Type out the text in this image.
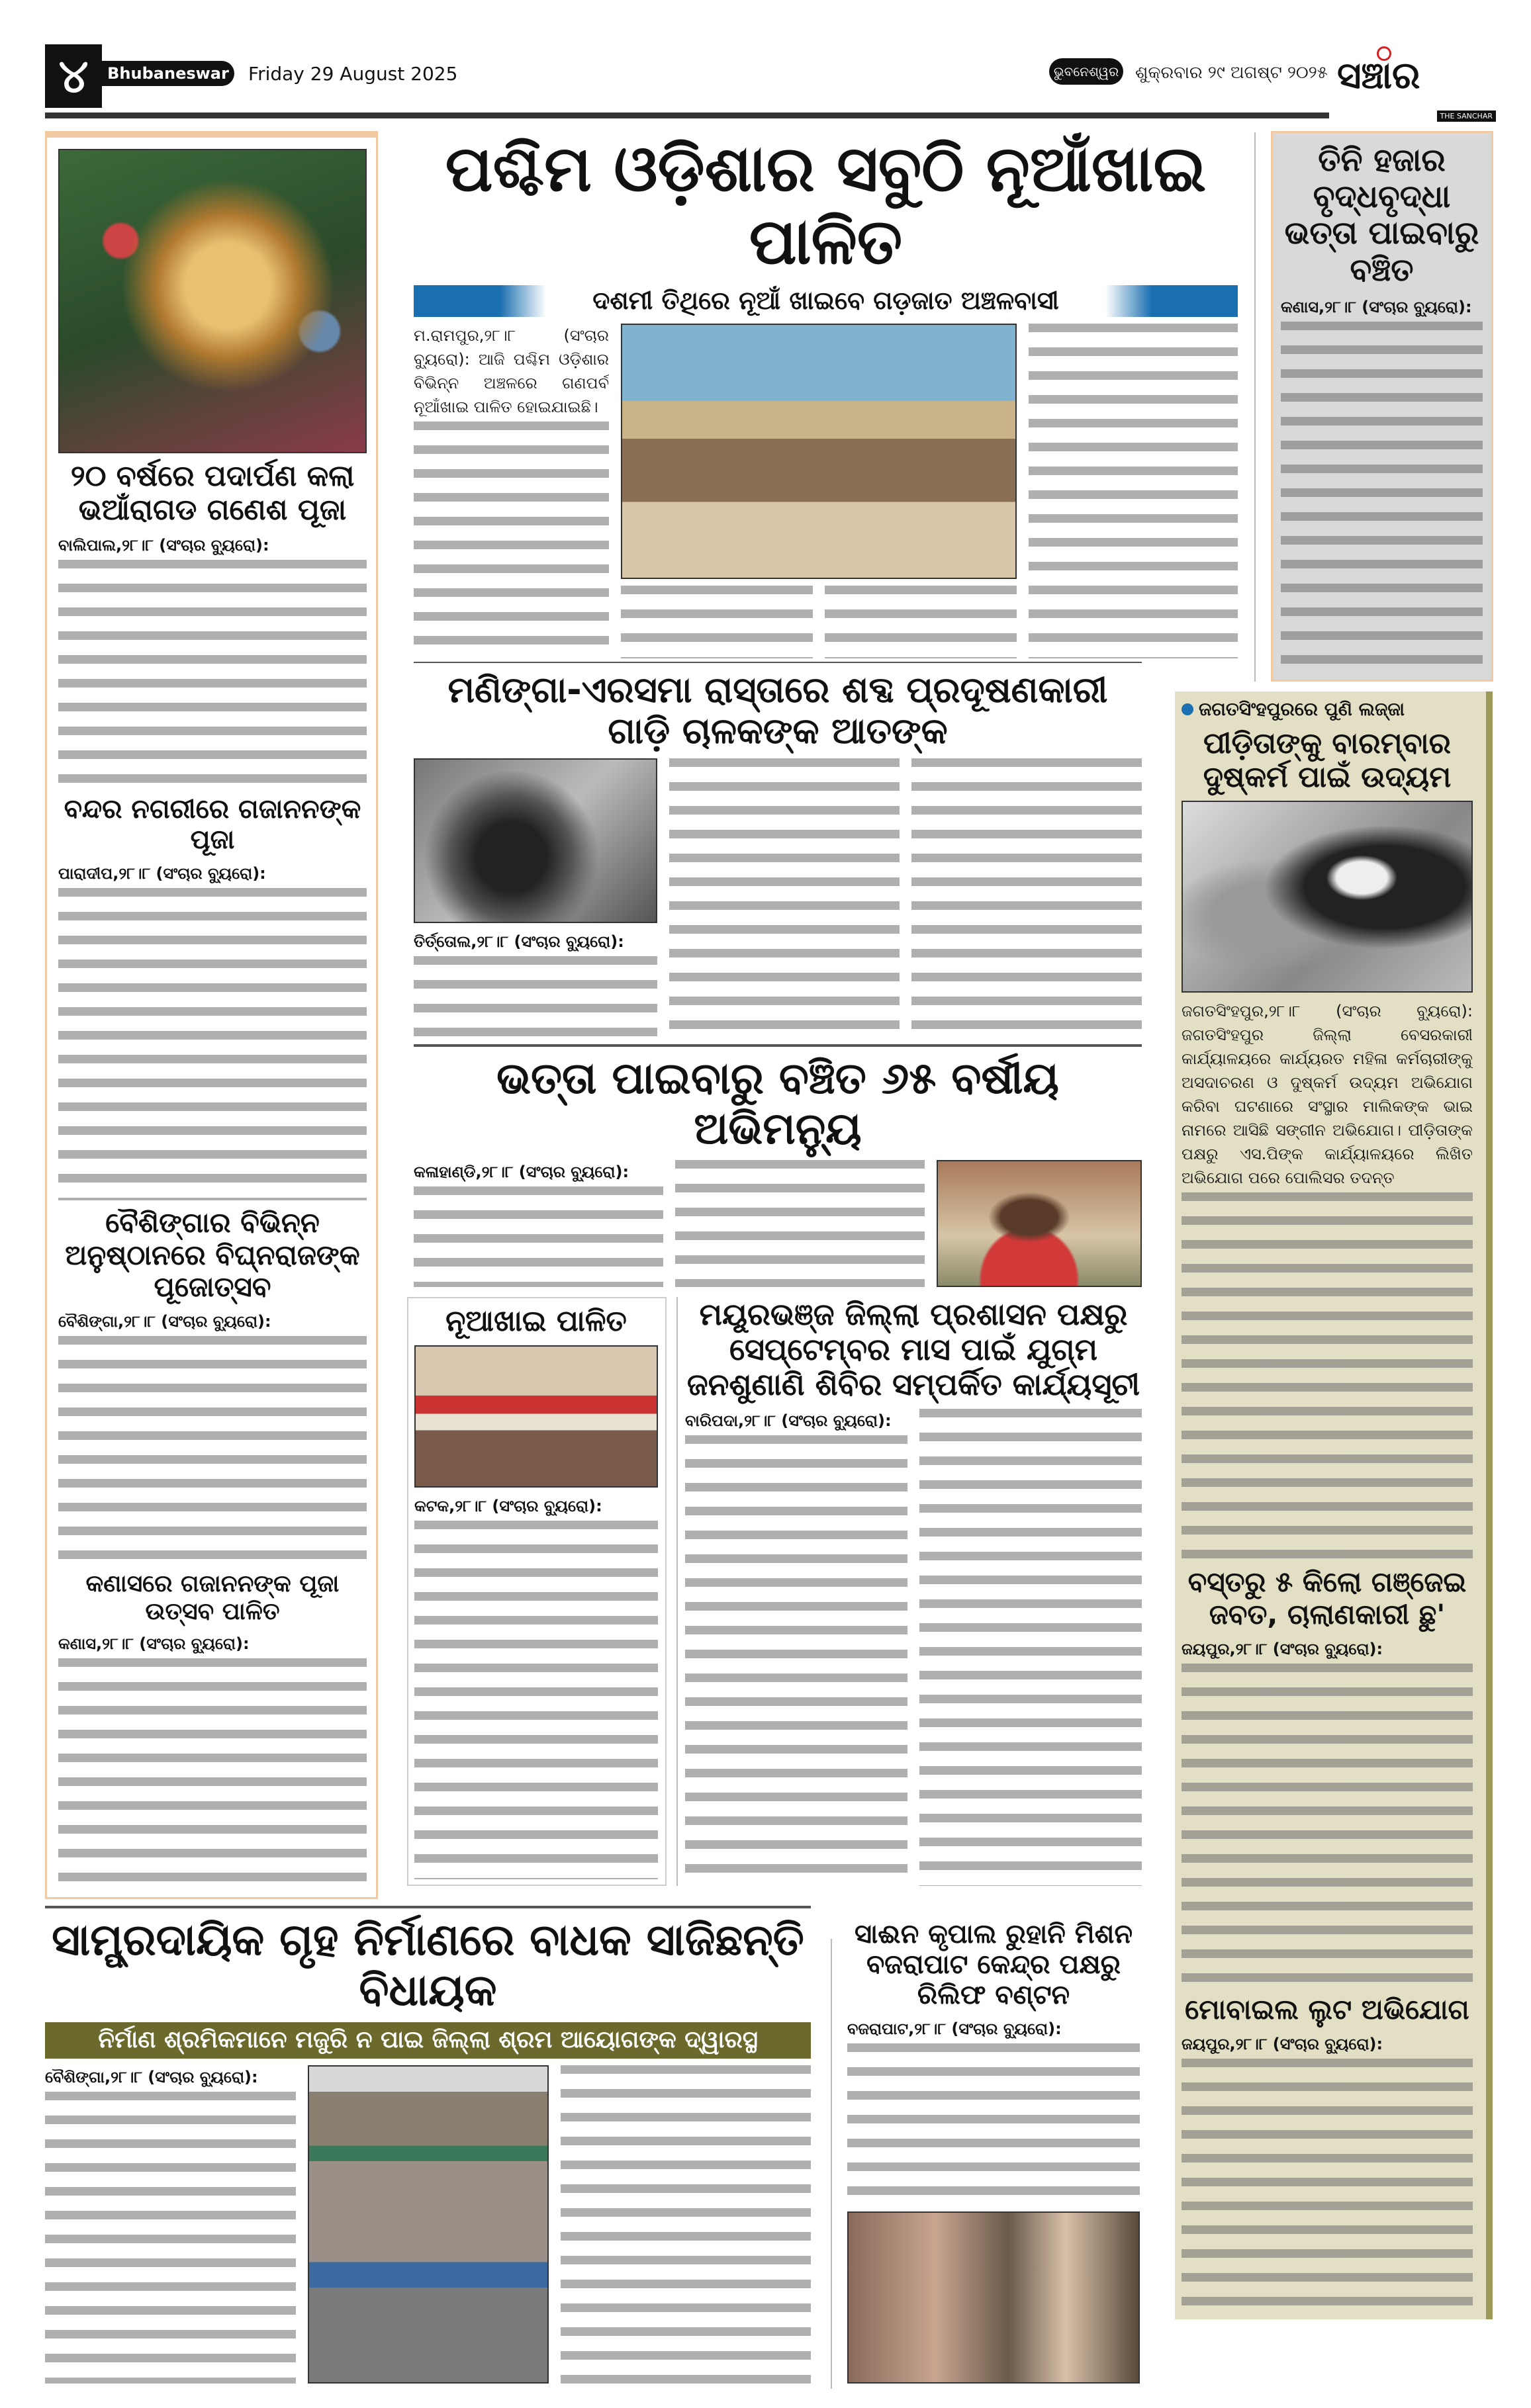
୪ Bhubaneswar Friday 29 August 2025	ଭୁବନେଶ୍ୱର ଶୁକ୍ରବାର ୨୯ ଅଗଷ୍ଟ ୨୦୨୫ ସଞ୍ଚାର
THE SANCHAR
୨୦ ବର୍ଷରେ ପଦାର୍ପଣ କଲା ଭଆଁରାଗଡ ଗଣେଶ ପୂଜା

ବାଲିପାଲ,୨୮।୮ (ସଂଚାର ବ୍ୟୁରୋ):

ବନ୍ଦର ନଗରୀରେ ଗଜାନନଙ୍କ ପୂଜା

ପାରାଦୀପ,୨୮।୮ (ସଂଚାର ବ୍ୟୁରୋ):

ବୈଶିଙ୍ଗାର ବିଭିନ୍ନ ଅନୁଷ୍ଠାନରେ ବିଘ୍ନରାଜଙ୍କ ପୂଜୋତ୍ସବ

ବୈଶିଙ୍ଗା,୨୮।୮ (ସଂଚାର ବ୍ୟୁରୋ):

କଣାସରେ ଗଜାନନଙ୍କ ପୂଜା ଉତ୍ସବ ପାଳିତ

କଣାସ,୨୮।୮ (ସଂଚାର ବ୍ୟୁରୋ):

ପଶ୍ଚିମ ଓଡ଼ିଶାର ସବୁଠି ନୂଆଁଖାଇ ପାଳିତ
ଦଶମୀ ତିଥିରେ ନୂଆଁ ଖାଇବେ ଗଡ଼ଜାତ ଅଞ୍ଚଳବାସୀ

ମ.ରାମପୁର,୨୮।୮ (ସଂଚାର ବ୍ୟୁରୋ): ଆଜି ପଶ୍ଚିମ ଓଡ଼ିଶାର ବିଭିନ୍ନ ଅଞ୍ଚଳରେ ଗଣପର୍ବ ନୂଆଁଖାଇ ପାଳିତ ହୋଇଯାଇଛି।

ତିନି ହଜାର ବୃଦ୍ଧବୃଦ୍ଧା ଭତ୍ତା ପାଇବାରୁ ବଞ୍ଚିତ

କଣାସ,୨୮।୮ (ସଂଚାର ବ୍ୟୁରୋ):

ମଣିଙ୍ଗା-ଏରସମା ରାସ୍ତାରେ ଶବ୍ଦ ପ୍ରଦୂଷଣକାରୀ ଗାଡ଼ି ଚାଳକଙ୍କ ଆତଙ୍କ

ତିର୍ତ୍ତୋଲ,୨୮।୮ (ସଂଚାର ବ୍ୟୁରୋ):

ଭତ୍ତା ପାଇବାରୁ ବଞ୍ଚିତ ୬୫ ବର୍ଷୀୟ ଅଭିମନ୍ୟୁ

କଳାହାଣ୍ଡି,୨୮।୮ (ସଂଚାର ବ୍ୟୁରୋ):

ନୂଆଖାଇ ପାଳିତ

କଟକ,୨୮।୮ (ସଂଚାର ବ୍ୟୁରୋ):

ମୟୂରଭଞ୍ଜ ଜିଲ୍ଲା ପ୍ରଶାସନ ପକ୍ଷରୁ ସେପ୍ଟେମ୍ବର ମାସ ପାଇଁ ଯୁଗ୍ମ ଜନଶୁଣାଣି ଶିବିର ସମ୍ପର୍କିତ କାର୍ଯ୍ୟସୂଚୀ

ବାରିପଦା,୨୮।୮ (ସଂଚାର ବ୍ୟୁରୋ):

ଜଗତସିଂହପୁରରେ ପୁଣି ଲଜ୍ଜା
ପୀଡ଼ିତାଙ୍କୁ ବାରମ୍ବାର ଦୁଷ୍କର୍ମ ପାଇଁ ଉଦ୍ୟମ

ଜଗତସିଂହପୁର,୨୮।୮ (ସଂଚାର ବ୍ୟୁରୋ): ଜଗତସିଂହପୁର ଜିଲ୍ଲା ବେସରକାରୀ କାର୍ଯ୍ୟାଳୟରେ କାର୍ଯ୍ୟରତ ମହିଳା କର୍ମଚାରୀଙ୍କୁ ଅସଦାଚରଣ ଓ ଦୁଷ୍କର୍ମ ଉଦ୍ୟମ ଅଭିଯୋଗ କରିବା ଘଟଣାରେ ସଂସ୍ଥାର ମାଲିକଙ୍କ ଭାଇ ନାମରେ ଆସିଛି ସଙ୍ଗୀନ ଅଭିଯୋଗ। ପୀଡ଼ିତାଙ୍କ ପକ୍ଷରୁ ଏସ.ପିଙ୍କ କାର୍ଯ୍ୟାଳୟରେ ଲିଖିତ ଅଭିଯୋଗ ପରେ ପୋଲିସର ତଦନ୍ତ

ବସ୍ତରୁ ୫ କିଲୋ ଗଞ୍ଜେଇ ଜବତ, ଚାଲାଣକାରୀ ଛୁ'

ଜୟପୁର,୨୮।୮ (ସଂଚାର ବ୍ୟୁରୋ):

ମୋବାଇଲ ଲୁଟ ଅଭିଯୋଗ

ଜୟପୁର,୨୮।୮ (ସଂଚାର ବ୍ୟୁରୋ):

ସାମ୍ପ୍ରଦାୟିକ ଗୃହ ନିର୍ମାଣରେ ବାଧକ ସାଜିଛନ୍ତି ବିଧାୟକ
ନିର୍ମାଣ ଶ୍ରମିକମାନେ ମଜୁରି ନ ପାଇ ଜିଲ୍ଲା ଶ୍ରମ ଆୟୋଗଙ୍କ ଦ୍ୱାରସ୍ଥ

ବୈଶିଙ୍ଗା,୨୮।୮ (ସଂଚାର ବ୍ୟୁରୋ):

ସାଈନ କୃପାଲ ରୁହାନି ମିଶନ ବଜରାପାଟ କେନ୍ଦ୍ର ପକ୍ଷରୁ ରିଲିଫ ବଣ୍ଟନ

ବଜରାପାଟ,୨୮।୮ (ସଂଚାର ବ୍ୟୁରୋ):
